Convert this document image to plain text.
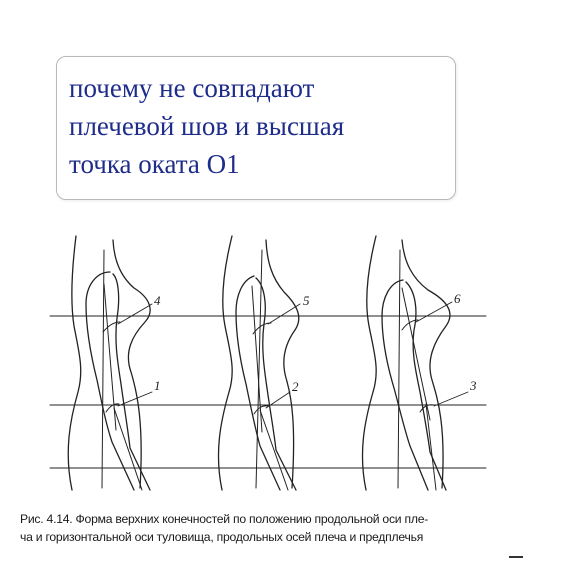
почему не совпадают
плечевой шов и высшая
точка оката О1

4	5	6
1	2	3
Рис. 4.14. Форма верхних конечностей по положению продольной оси пле-
ча и горизонтальной оси туловища, продольных осей плеча и предплечья
